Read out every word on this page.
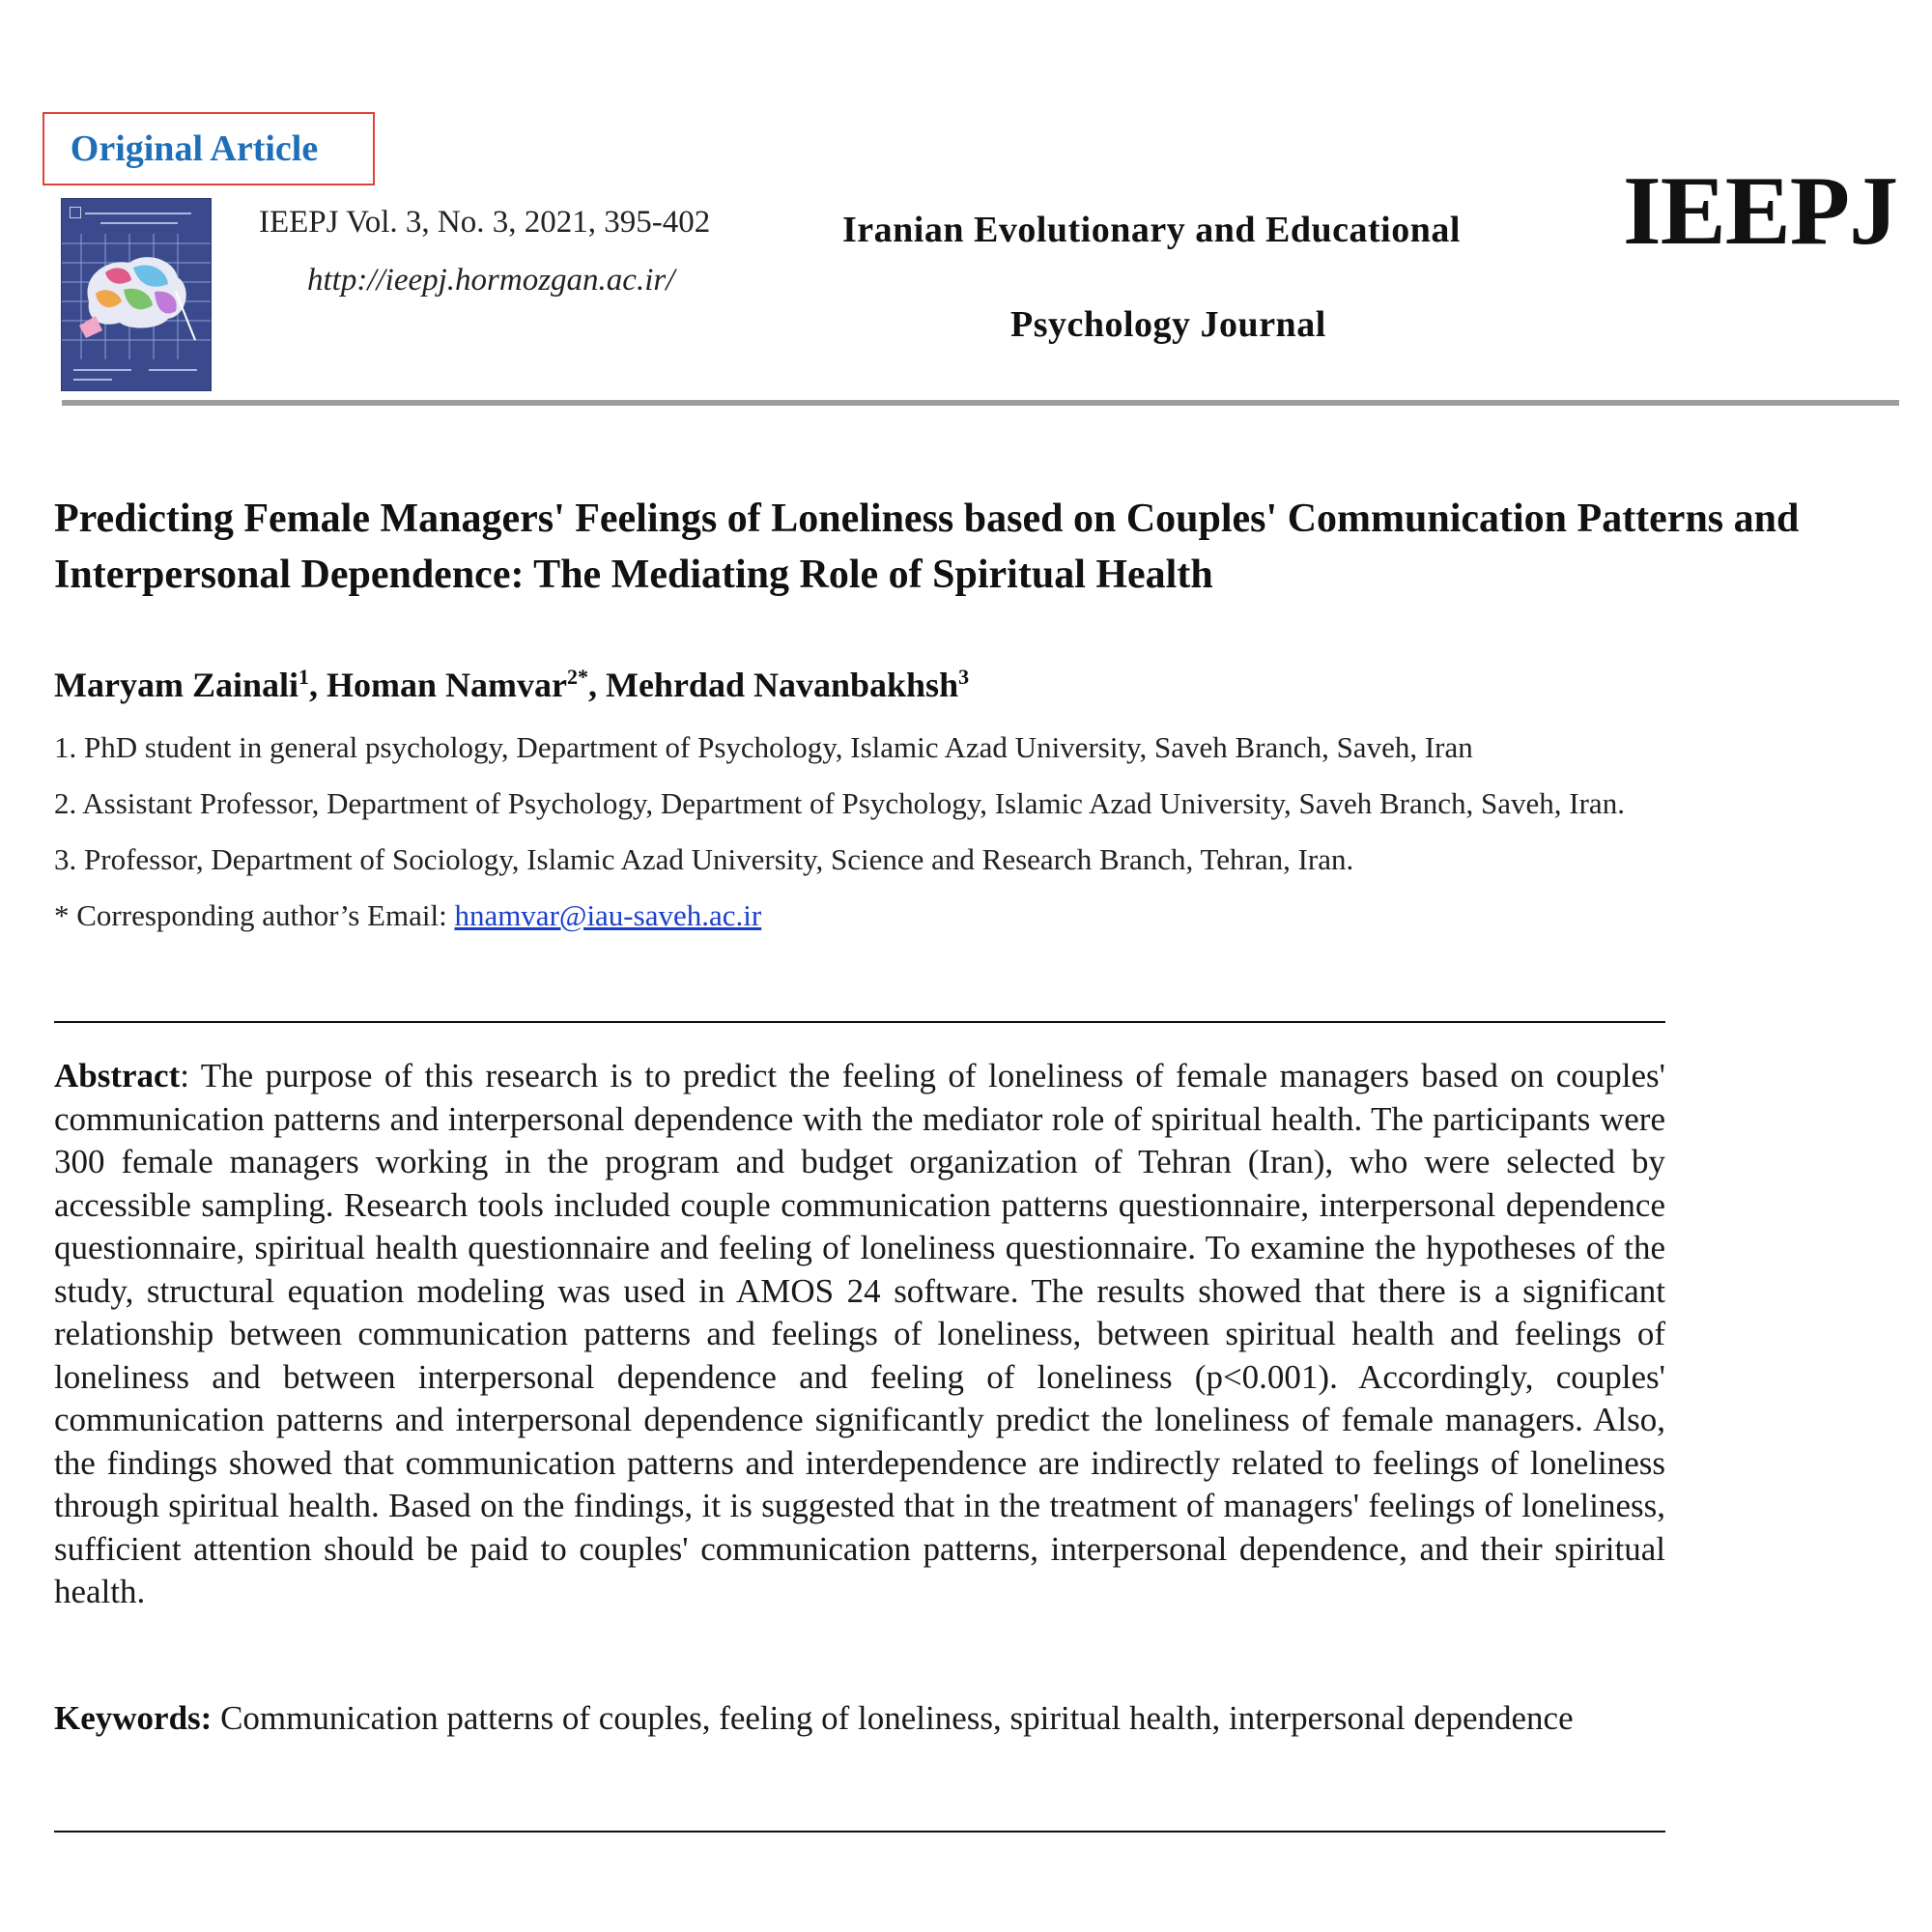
Original Article
IEEPJ Vol. 3, No. 3, 2021, 395-402
http://ieepj.hormozgan.ac.ir/
Iranian Evolutionary and Educational
Psychology Journal
IEEPJ
Predicting Female Managers' Feelings of Loneliness based on Couples' Communication Patterns and Interpersonal Dependence: The Mediating Role of Spiritual Health
Maryam Zainali$^1$, Homan Namvar$^{2*}$, Mehrdad Navanbakhsh$^3$
1. PhD student in general psychology, Department of Psychology, Islamic Azad University, Saveh Branch, Saveh, Iran
2. Assistant Professor, Department of Psychology, Department of Psychology, Islamic Azad University, Saveh Branch, Saveh, Iran.
3. Professor, Department of Sociology, Islamic Azad University, Science and Research Branch, Tehran, Iran.
* Corresponding author’s Email: hnamvar@iau-saveh.ac.ir
Abstract: The purpose of this research is to predict the feeling of loneliness of female managers based on couples' communication patterns and interpersonal dependence with the mediator role of spiritual health. The participants were 300 female managers working in the program and budget organization of Tehran (Iran), who were selected by accessible sampling. Research tools included couple communication patterns questionnaire, interpersonal dependence questionnaire, spiritual health questionnaire and feeling of loneliness questionnaire. To examine the hypotheses of the study, structural equation modeling was used in AMOS 24 software. The results showed that there is a significant relationship between communication patterns and feelings of loneliness, between spiritual health and feelings of loneliness and between interpersonal dependence and feeling of loneliness (p<0.001). Accordingly, couples' communication patterns and interpersonal dependence significantly predict the loneliness of female managers. Also, the findings showed that communication patterns and interdependence are indirectly related to feelings of loneliness through spiritual health. Based on the findings, it is suggested that in the treatment of managers' feelings of loneliness, sufficient attention should be paid to couples' communication patterns, interpersonal dependence, and their spiritual health.
Keywords: Communication patterns of couples, feeling of loneliness, spiritual health, interpersonal dependence
